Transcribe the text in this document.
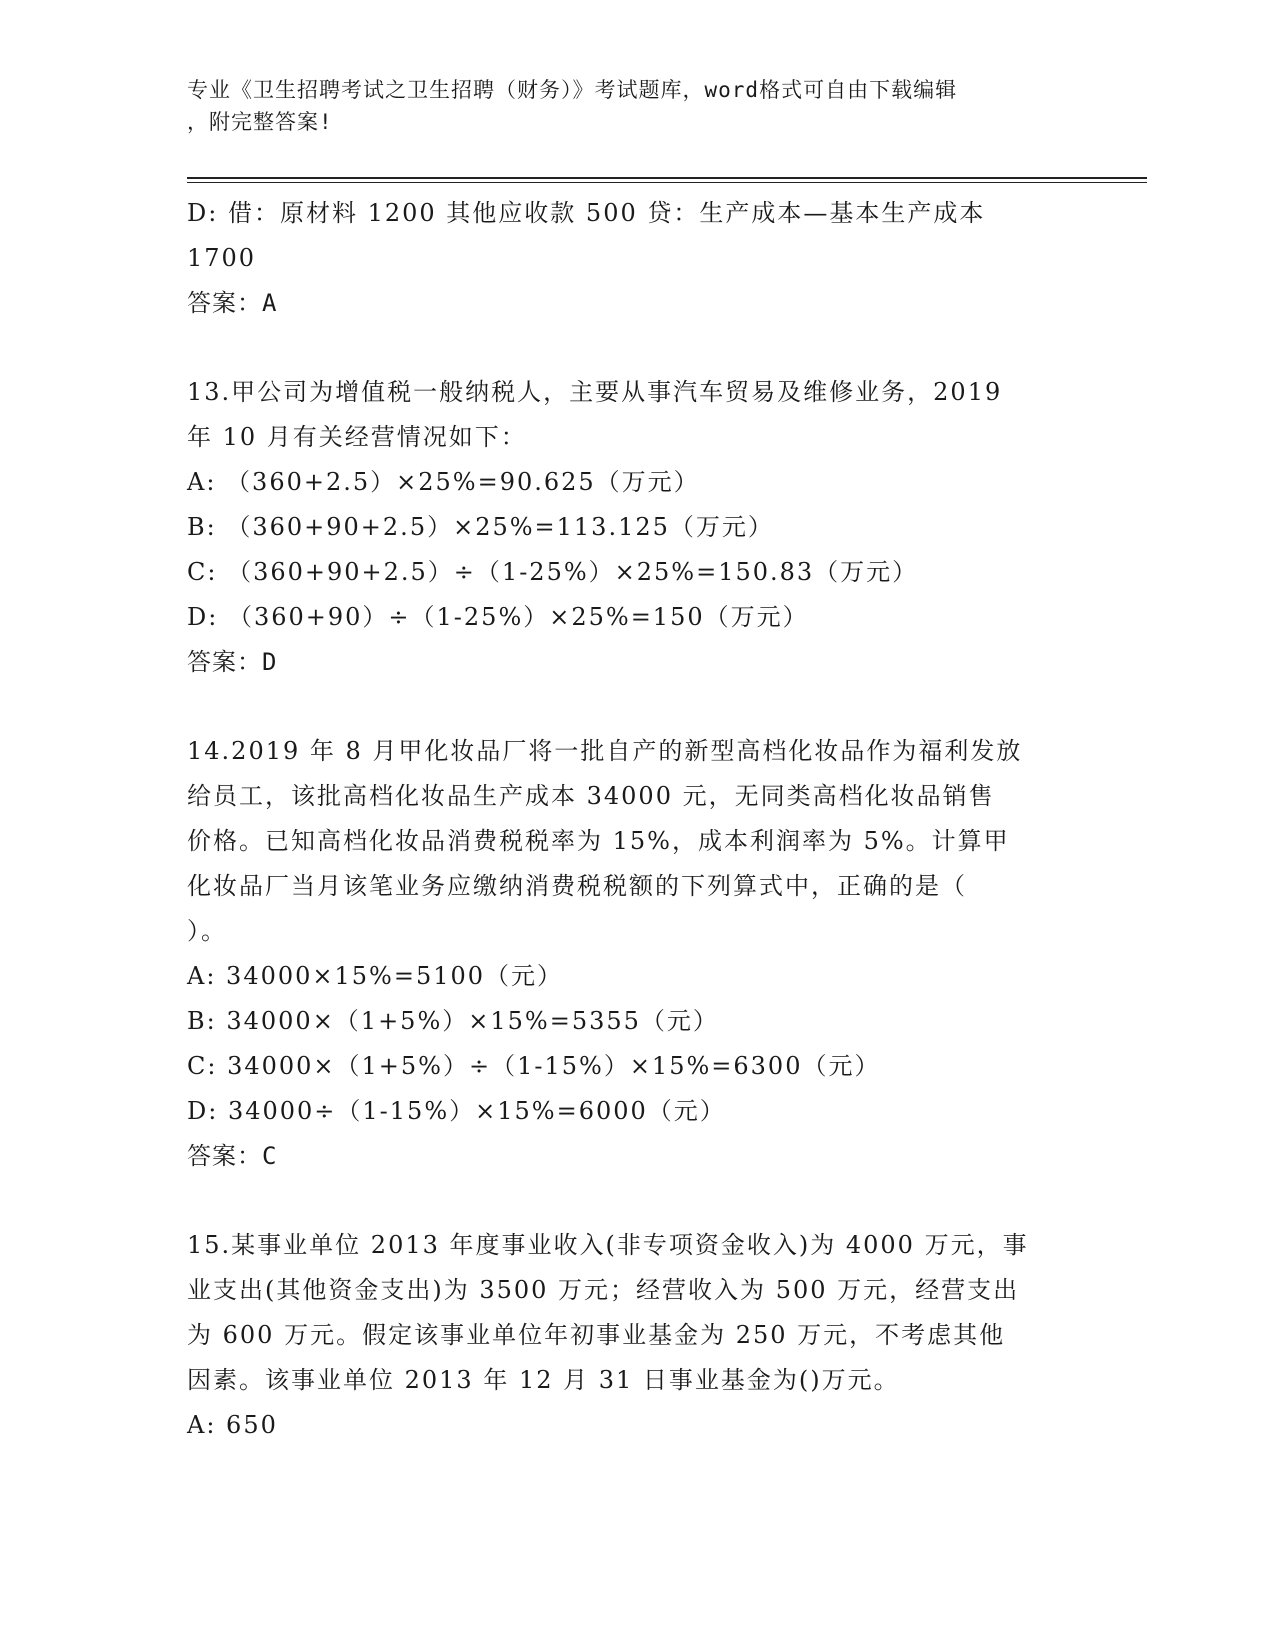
专业《卫生招聘考试之卫生招聘（财务）》考试题库，word格式可自由下载编辑
，附完整答案!

D: 借：原材料 1200 其他应收款 500 贷：生产成本—基本生产成本

1700

答案：A

13.甲公司为增值税一般纳税人，主要从事汽车贸易及维修业务，2019

年 10 月有关经营情况如下：

A: （360+2.5）×25%=90.625（万元）

B: （360+90+2.5）×25%=113.125（万元）

C: （360+90+2.5）÷（1-25%）×25%=150.83（万元）

D: （360+90）÷（1-25%）×25%=150（万元）

答案：D

14.2019 年 8 月甲化妆品厂将一批自产的新型高档化妆品作为福利发放

给员工，该批高档化妆品生产成本 34000 元，无同类高档化妆品销售

价格。已知高档化妆品消费税税率为 15%，成本利润率为 5%。计算甲

化妆品厂当月该笔业务应缴纳消费税税额的下列算式中，正确的是（

）。

A: 34000×15%=5100（元）

B: 34000×（1+5%）×15%=5355（元）

C: 34000×（1+5%）÷（1-15%）×15%=6300（元）

D: 34000÷（1-15%）×15%=6000（元）

答案：C

15.某事业单位 2013 年度事业收入(非专项资金收入)为 4000 万元，事

业支出(其他资金支出)为 3500 万元；经营收入为 500 万元，经营支出

为 600 万元。假定该事业单位年初事业基金为 250 万元，不考虑其他

因素。该事业单位 2013 年 12 月 31 日事业基金为()万元。

A: 650
